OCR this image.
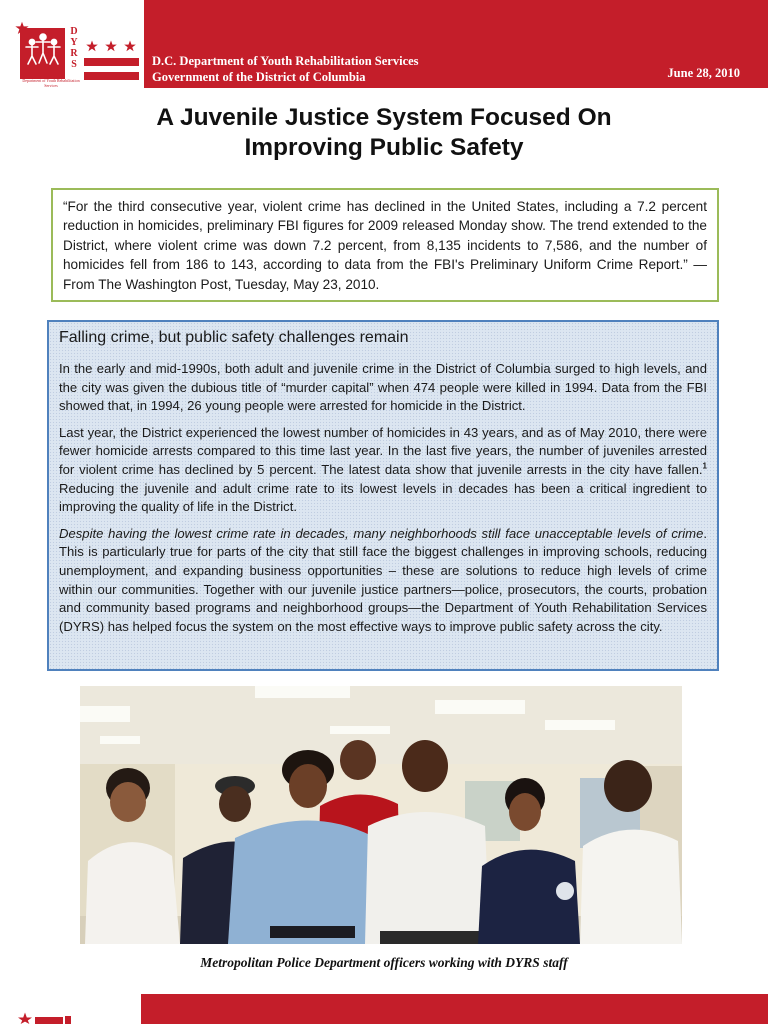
D
Y
R
S
Department of Youth Rehabilitation Services
D.C. Department of Youth Rehabilitation Services
Government of the District of Columbia	June 28, 2010
A Juvenile Justice System Focused On
Improving Public Safety

“For the third consecutive year, violent crime has declined in the United States, including a 7.2 percent reduction in homicides, preliminary FBI figures for 2009 released Monday show. The trend extended to the District, where violent crime was down 7.2 percent, from 8,135 incidents to 7,586, and the number of homicides fell from 186 to 143, according to data from the FBI's Preliminary Uniform Crime Report.” —From The Washington Post, Tuesday, May 23, 2010.

Falling crime, but public safety challenges remain

In the early and mid-1990s, both adult and juvenile crime in the District of Columbia surged to high levels, and the city was given the dubious title of “murder capital” when 474 people were killed in 1994. Data from the FBI showed that, in 1994, 26 young people were arrested for homicide in the District.

Last year, the District experienced the lowest number of homicides in 43 years, and as of May 2010, there were fewer homicide arrests compared to this time last year. In the last five years, the number of juveniles arrested for violent crime has declined by 5 percent. The latest data show that juvenile arrests in the city have fallen.$^1$ Reducing the juvenile and adult crime rate to its lowest levels in decades has been a critical ingredient to improving the quality of life in the District.

Despite having the lowest crime rate in decades, many neighborhoods still face unacceptable levels of crime. This is particularly true for parts of the city that still face the biggest challenges in improving schools, reducing unemployment, and expanding business opportunities – these are solutions to reduce high levels of crime within our communities. Together with our juvenile justice partners—police, prosecutors, the courts, probation and community based programs and neighborhood groups—the Department of Youth Rehabilitation Services (DYRS) has helped focus the system on the most effective ways to improve public safety across the city.

Metropolitan Police Department officers working with DYRS staff
